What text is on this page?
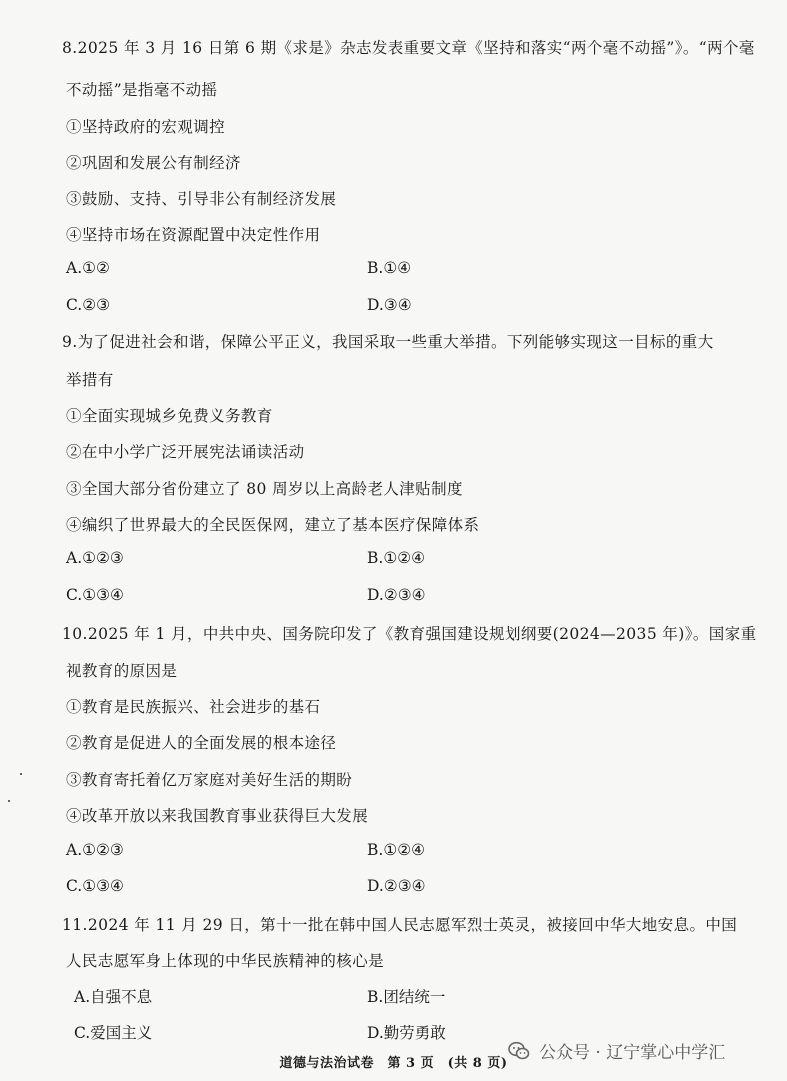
8.2025 年 3 月 16 日第 6 期《求是》杂志发表重要文章《坚持和落实“两个毫不动摇”》。“两个毫
不动摇”是指毫不动摇
①坚持政府的宏观调控
②巩固和发展公有制经济
③鼓励、支持、引导非公有制经济发展
④坚持市场在资源配置中决定性作用
A.①②	B.①④
C.②③	D.③④
9.为了促进社会和谐，保障公平正义，我国采取一些重大举措。下列能够实现这一目标的重大
举措有
①全面实现城乡免费义务教育
②在中小学广泛开展宪法诵读活动
③全国大部分省份建立了 80 周岁以上高龄老人津贴制度
④编织了世界最大的全民医保网，建立了基本医疗保障体系
A.①②③	B.①②④
C.①③④	D.②③④
10.2025 年 1 月，中共中央、国务院印发了《教育强国建设规划纲要(2024—2035 年)》。国家重
视教育的原因是
①教育是民族振兴、社会进步的基石
②教育是促进人的全面发展的根本途径
③教育寄托着亿万家庭对美好生活的期盼
④改革开放以来我国教育事业获得巨大发展
A.①②③	B.①②④
C.①③④	D.②③④
11.2024 年 11 月 29 日，第十一批在韩中国人民志愿军烈士英灵，被接回中华大地安息。中国
人民志愿军身上体现的中华民族精神的核心是
A.自强不息	B.团结统一
C.爱国主义	D.勤劳勇敢
道德与法治试卷　第 3 页　(共 8 页)
公众号 · 辽宁掌心中学汇
